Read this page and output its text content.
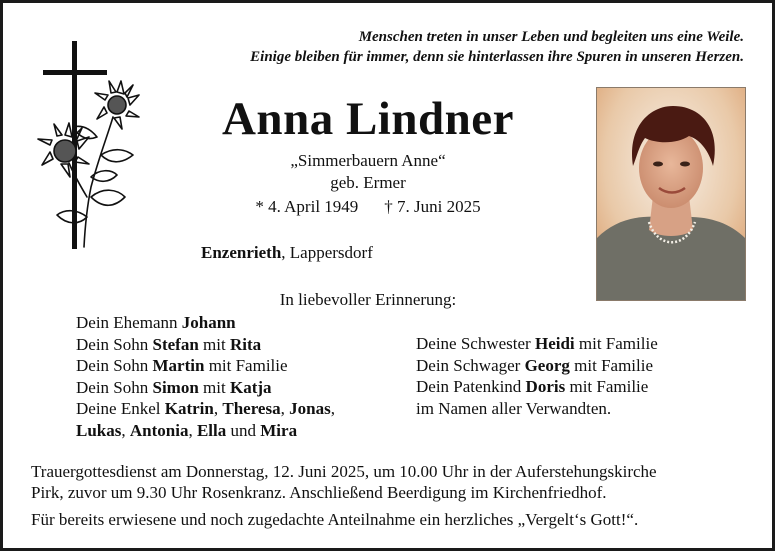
Menschen treten in unser Leben und begleiten uns eine Weile.
Einige bleiben für immer, denn sie hinterlassen ihre Spuren in unseren Herzen.
Anna Lindner
„Simmerbauern Anne“
geb. Ermer
* 4. April 1949 † 7. Juni 2025
Enzenrieth, Lappersdorf
In liebevoller Erinnerung:
Dein Ehemann Johann
Dein Sohn Stefan mit Rita
Dein Sohn Martin mit Familie
Dein Sohn Simon mit Katja
Deine Enkel Katrin, Theresa, Jonas,
Lukas, Antonia, Ella und Mira
Deine Schwester Heidi mit Familie
Dein Schwager Georg mit Familie
Dein Patenkind Doris mit Familie
im Namen aller Verwandten.
Trauergottesdienst am Donnerstag, 12. Juni 2025, um 10.00 Uhr in der Auferstehungskirche
Pirk, zuvor um 9.30 Uhr Rosenkranz. Anschließend Beerdigung im Kirchenfriedhof.
Für bereits erwiesene und noch zugedachte Anteilnahme ein herzliches „Vergelt‘s Gott!“.
